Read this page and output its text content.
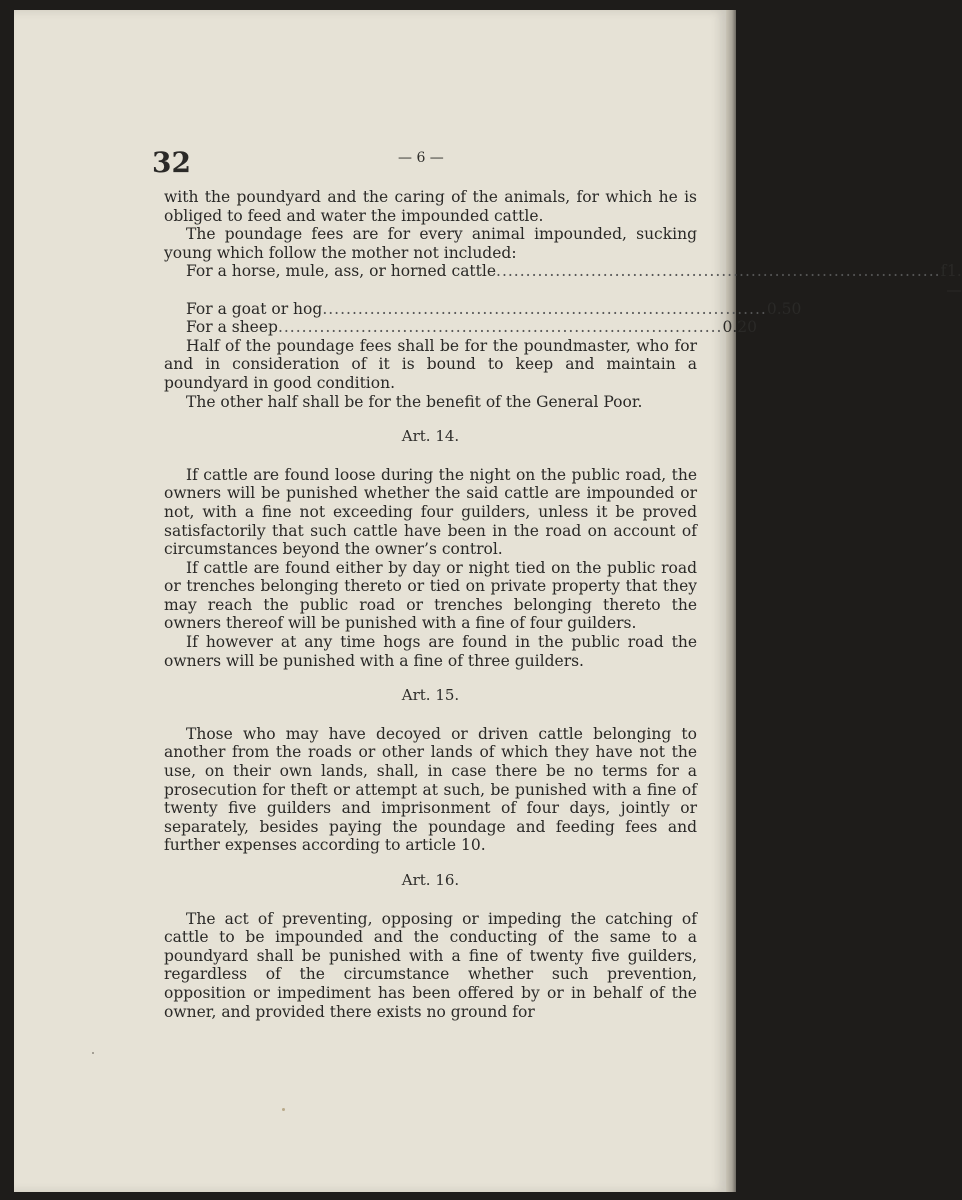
32	— 6 —

with the poundyard and the caring of the animals, for which he is obliged to feed and water the impounded cattle.

The poundage fees are for every animal impounded, sucking young which follow the mother not included:

For a horse, mule, ass, or horned cattle ........................................................................... f 1.—
For a goat or hog ........................................................................... 0.50
For a sheep ........................................................................... 0.20

Half of the poundage fees shall be for the poundmaster, who for and in consideration of it is bound to keep and maintain a poundyard in good condition.

The other half shall be for the benefit of the General Poor.

Art. 14.

If cattle are found loose during the night on the public road, the owners will be punished whether the said cattle are impounded or not, with a fine not exceeding four guilders, unless it be proved satisfactorily that such cattle have been in the road on account of circumstances beyond the owner’s control.

If cattle are found either by day or night tied on the public road or trenches belonging thereto or tied on private property that they may reach the public road or trenches belonging thereto the owners thereof will be punished with a fine of four guilders.

If however at any time hogs are found in the public road the owners will be punished with a fine of three guilders.

Art. 15.

Those who may have decoyed or driven cattle belonging to another from the roads or other lands of which they have not the use, on their own lands, shall, in case there be no terms for a prosecution for theft or attempt at such, be punished with a fine of twenty five guilders and imprisonment of four days, jointly or separately, besides paying the poundage and feeding fees and further expenses according to article 10.

Art. 16.

The act of preventing, opposing or impeding the catching of cattle to be impounded and the conducting of the same to a poundyard shall be punished with a fine of twenty five guilders, regardless of the circumstance whether such prevention, opposition or impediment has been offered by or in behalf of the owner, and provided there exists no ground for
